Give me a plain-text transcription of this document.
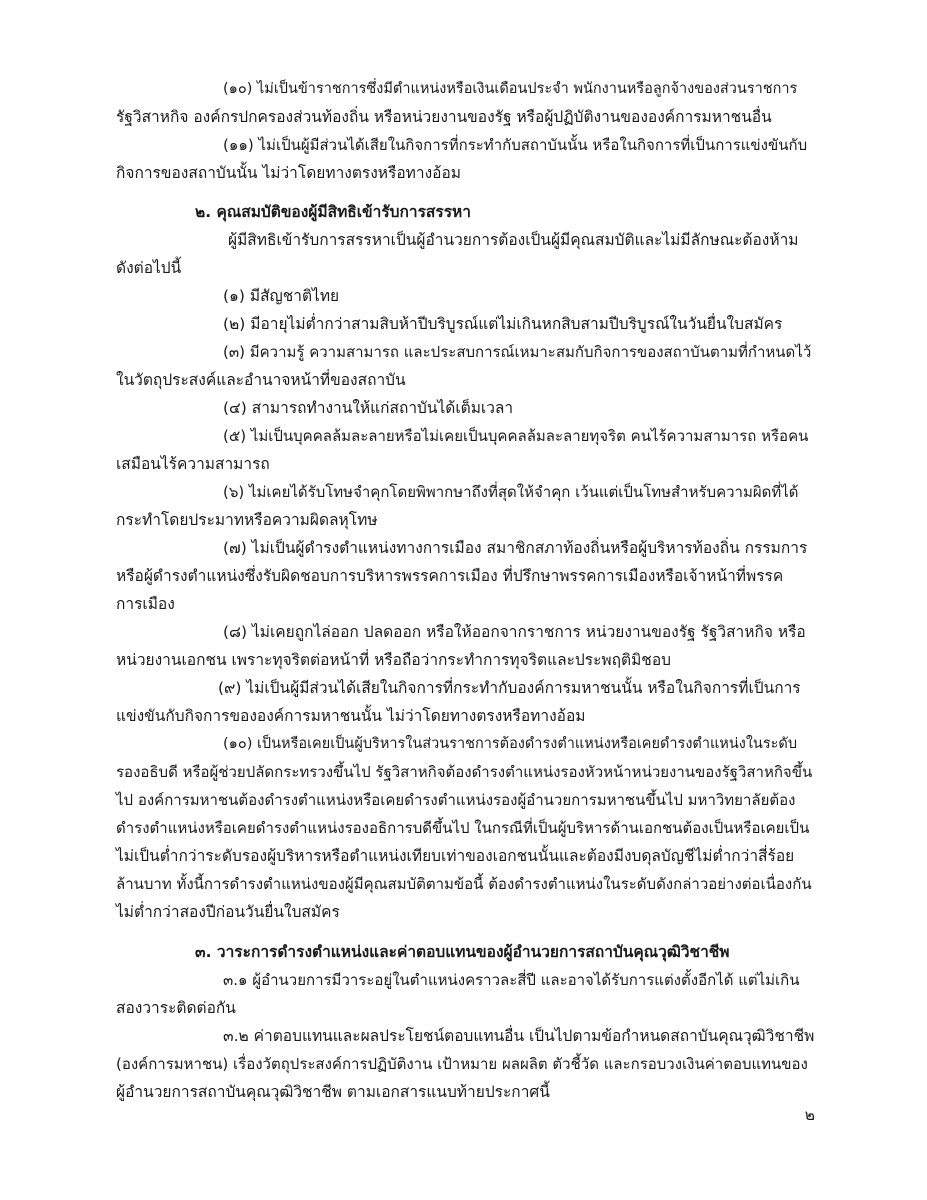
(๑๐) ไม่เป็นข้าราชการซึ่งมีตำแหน่งหรือเงินเดือนประจำ พนักงานหรือลูกจ้างของส่วนราชการ
รัฐวิสาหกิจ องค์กรปกครองส่วนท้องถิ่น หรือหน่วยงานของรัฐ หรือผู้ปฏิบัติงานขององค์การมหาชนอื่น
(๑๑) ไม่เป็นผู้มีส่วนได้เสียในกิจการที่กระทำกับสถาบันนั้น หรือในกิจการที่เป็นการแข่งขันกับ
กิจการของสถาบันนั้น ไม่ว่าโดยทางตรงหรือทางอ้อม
๒. คุณสมบัติของผู้มีสิทธิเข้ารับการสรรหา
ผู้มีสิทธิเข้ารับการสรรหาเป็นผู้อำนวยการต้องเป็นผู้มีคุณสมบัติและไม่มีลักษณะต้องห้าม
ดังต่อไปนี้
(๑) มีสัญชาติไทย
(๒) มีอายุไม่ต่ำกว่าสามสิบห้าปีบริบูรณ์แต่ไม่เกินหกสิบสามปีบริบูรณ์ในวันยื่นใบสมัคร
(๓) มีความรู้ ความสามารถ และประสบการณ์เหมาะสมกับกิจการของสถาบันตามที่กำหนดไว้
ในวัตถุประสงค์และอำนาจหน้าที่ของสถาบัน
(๔) สามารถทำงานให้แก่สถาบันได้เต็มเวลา
(๕) ไม่เป็นบุคคลล้มละลายหรือไม่เคยเป็นบุคคลล้มละลายทุจริต คนไร้ความสามารถ หรือคน
เสมือนไร้ความสามารถ
(๖) ไม่เคยได้รับโทษจำคุกโดยพิพากษาถึงที่สุดให้จำคุก เว้นแต่เป็นโทษสำหรับความผิดที่ได้
กระทำโดยประมาทหรือความผิดลหุโทษ
(๗) ไม่เป็นผู้ดำรงตำแหน่งทางการเมือง สมาชิกสภาท้องถิ่นหรือผู้บริหารท้องถิ่น กรรมการ
หรือผู้ดำรงตำแหน่งซึ่งรับผิดชอบการบริหารพรรคการเมือง ที่ปรึกษาพรรคการเมืองหรือเจ้าหน้าที่พรรค
การเมือง
(๘) ไม่เคยถูกไล่ออก ปลดออก หรือให้ออกจากราชการ หน่วยงานของรัฐ รัฐวิสาหกิจ หรือ
หน่วยงานเอกชน เพราะทุจริตต่อหน้าที่ หรือถือว่ากระทำการทุจริตและประพฤติมิชอบ
(๙) ไม่เป็นผู้มีส่วนได้เสียในกิจการที่กระทำกับองค์การมหาชนนั้น หรือในกิจการที่เป็นการ
แข่งขันกับกิจการขององค์การมหาชนนั้น ไม่ว่าโดยทางตรงหรือทางอ้อม
(๑๐) เป็นหรือเคยเป็นผู้บริหารในส่วนราชการต้องดำรงตำแหน่งหรือเคยดำรงตำแหน่งในระดับ
รองอธิบดี หรือผู้ช่วยปลัดกระทรวงขึ้นไป รัฐวิสาหกิจต้องดำรงตำแหน่งรองหัวหน้าหน่วยงานของรัฐวิสาหกิจขึ้น
ไป องค์การมหาชนต้องดำรงตำแหน่งหรือเคยดำรงตำแหน่งรองผู้อำนวยการมหาชนขึ้นไป มหาวิทยาลัยต้อง
ดำรงตำแหน่งหรือเคยดำรงตำแหน่งรองอธิการบดีขึ้นไป ในกรณีที่เป็นผู้บริหารด้านเอกชนต้องเป็นหรือเคยเป็น
ไม่เป็นต่ำกว่าระดับรองผู้บริหารหรือตำแหน่งเทียบเท่าของเอกชนนั้นและต้องมีงบดุลบัญชีไม่ต่ำกว่าสี่ร้อย
ล้านบาท ทั้งนี้การดำรงตำแหน่งของผู้มีคุณสมบัติตามข้อนี้ ต้องดำรงตำแหน่งในระดับดังกล่าวอย่างต่อเนื่องกัน
ไม่ต่ำกว่าสองปีก่อนวันยื่นใบสมัคร
๓. วาระการดำรงตำแหน่งและค่าตอบแทนของผู้อำนวยการสถาบันคุณวุฒิวิชาชีพ
๓.๑ ผู้อำนวยการมีวาระอยู่ในตำแหน่งคราวละสี่ปี และอาจได้รับการแต่งตั้งอีกได้ แต่ไม่เกิน
สองวาระติดต่อกัน
๓.๒ ค่าตอบแทนและผลประโยชน์ตอบแทนอื่น เป็นไปตามข้อกำหนดสถาบันคุณวุฒิวิชาชีพ
(องค์การมหาชน) เรื่องวัตถุประสงค์การปฏิบัติงาน เป้าหมาย ผลผลิต ตัวชี้วัด และกรอบวงเงินค่าตอบแทนของ
ผู้อำนวยการสถาบันคุณวุฒิวิชาชีพ ตามเอกสารแนบท้ายประกาศนี้
๒
